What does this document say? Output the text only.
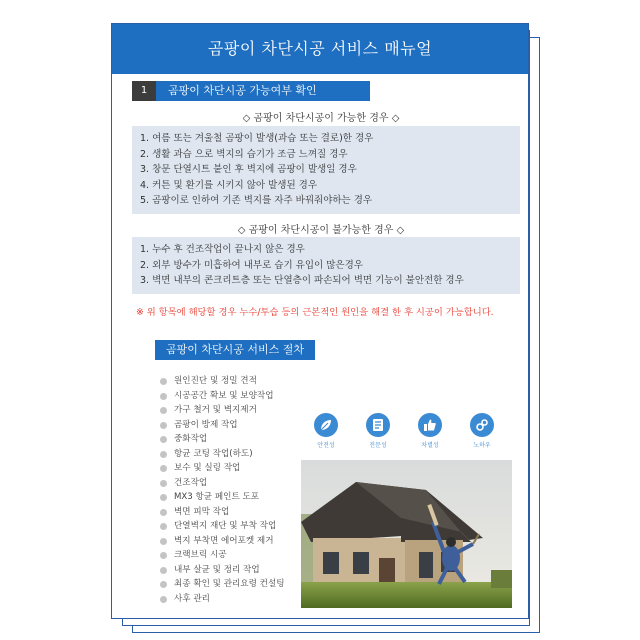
곰팡이 차단시공 서비스 매뉴얼
1	곰팡이 차단시공 가능여부 확인
◇ 곰팡이 차단시공이 가능한 경우 ◇
1. 여름 또는 겨울철 곰팡이 발생(과습 또는 결로)한 경우
2. 생활 과습 으로 벽지의 습기가 조금 느껴질 경우
3. 창문 단열시트 붙인 후 벽지에 곰팡이 발생일 경우
4. 커튼 및 환기를 시키지 않아 발생된 경우
5. 곰팡이로 인하여 기존 벽지를 자주 바꿔줘야하는 경우
◇ 곰팡이 차단시공이 불가능한 경우 ◇
1. 누수 후 건조작업이 끝나지 않은 경우
2. 외부 방수가 미흡하여 내부로 습기 유입이 많은경우
3. 벽면 내부의 콘크리트층 또는 단열층이 파손되어 벽면 기능이 불안전한 경우
※ 위 항목에 해당할 경우 누수/투습 등의 근본적인 원인을 해결 한 후 시공이 가능합니다.
곰팡이 차단시공 서비스 절차
원인진단 및 정밀 견적
시공공간 확보 및 보양작업
가구 철거 및 벽지제거
곰팡이 방제 작업
중화작업
항균 코팅 작업(하도)
보수 및 실링 작업
건조작업
MX3 항균 페인트 도포
벽면 피막 작업
단열벽지 재단 및 부착 작업
벽지 부착면 에어포켓 제거
크랙브릭 시공
내부 살균 및 정리 작업
최종 확인 및 관리요령 컨설팅
사후 관리
안전성	전문성	차별성	노하우
